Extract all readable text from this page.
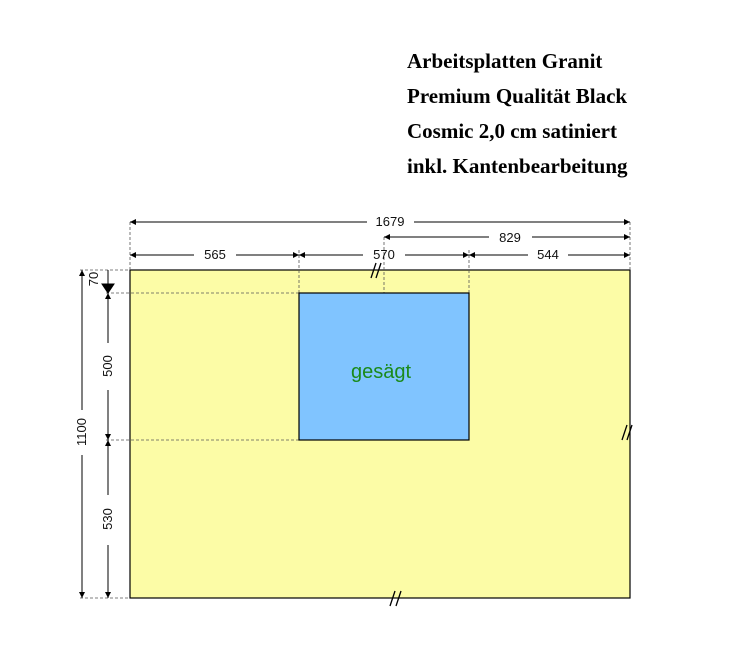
Arbeitsplatten Granit
Premium Qualität Black
Cosmic 2,0 cm satiniert
inkl. Kantenbearbeitung
gesägt
1679
829
565	570	544
1100
70
500
530
